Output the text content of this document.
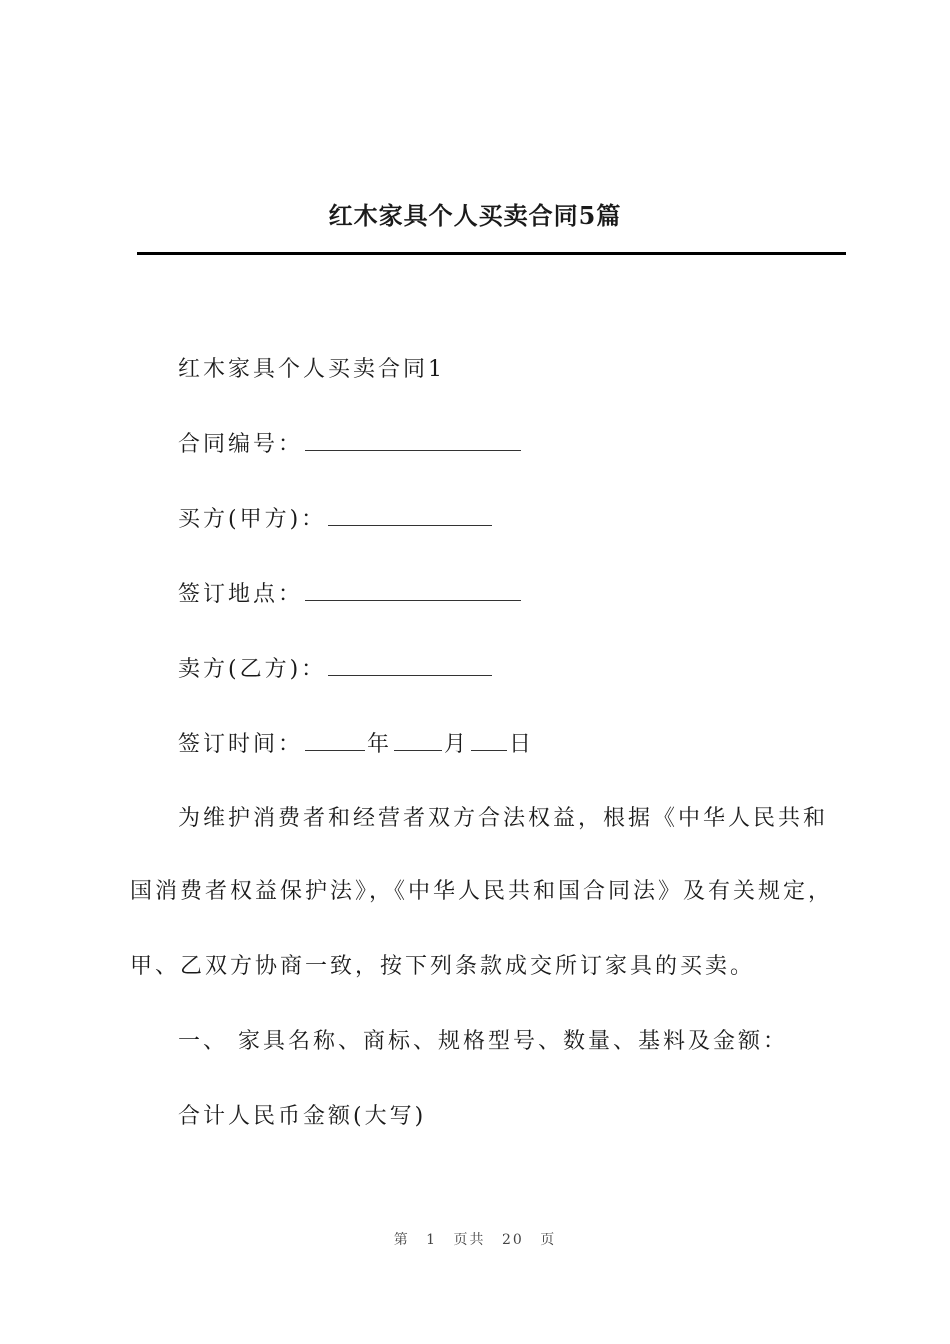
红木家具个人买卖合同5篇

红木家具个人买卖合同1

合同编号：

买方(甲方)：

签订地点：

卖方(乙方)：

签订时间：	年 月 日

为维护消费者和经营者双方合法权益，根据《中华人民共和

国消费者权益保护法》，《中华人民共和国合同法》及有关规定，

甲、乙双方协商一致，按下列条款成交所订家具的买卖。

一、 家具名称、商标、规格型号、数量、基料及金额：

合计人民币金额(大写)

第 1 页共 20 页
